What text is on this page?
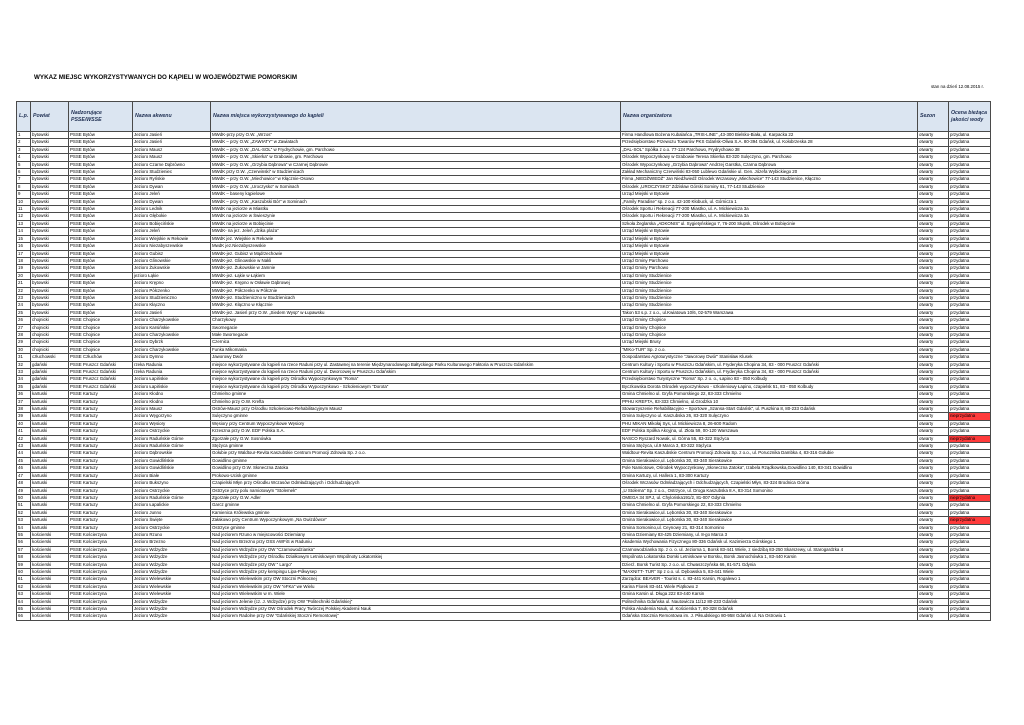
WYKAZ MIEJSC WYKORZYSTYWANYCH DO KĄPIELI W WOJEWÓDZTWIE POMORSKIM
stan na dzień 12.08.2015 r.
L.p.	Powiat	Nadzorujące PSSE/WSSE	Nazwa akwenu	Nazwa miejsca wykorzystywanego do kąpieli	Nazwa organizatora	Sezon	Ocena bieżąca jakości wody
1	bytowski	PSSE Bytów	Jezioro Jasień	MWdK-przy przy O.W. „Wrzos”	Firma Handlowa Bożena Kubalańca „TRIS-LINE” „43-300 Bielsko-Biała, ul. Karpacka 22	otwarty	przydatna
2	bytowski	PSSE Bytów	Jezioro Jasień	MWdK – przy O.W. „ZAWIATY” w Zawiatach	Przedsiębiorstwo Przewozu Towarów PKS Gdańsk-Oliwa S.A. 80-394 Gdańsk, ul. Kołobrzeska 28	otwarty	przydatna
3	bytowski	PSSE Bytów	Jezioro Mausz	MWdK – przy O.W. „DAL-SOL” w Frydrychowie, gm. Parchowo	„DAL-SOL” Spółka z o.o. 77-124 Parchowo, Frydrychowo 38	otwarty	przydatna
4	bytowski	PSSE Bytów	Jezioro Mausz	MWdK – przy O.W. „Skierka” w Grabowie, gm. Parchowo	Ośrodek Wypoczynkowy w Grabowie Teresa Skierka 83-320 Sulęczyno, gm. Parchowo	otwarty	przydatna
5	bytowski	PSSE Bytów	Jezioro Czarne Dąbrówno	MWdK – przy O.W. „Grzybia Dąbrowa” w Czarnej Dąbrowie	Ośrodek Wypoczynkowy „Grzybia Dąbrowa” Andrzej Garstka, Czarna Dąbrowa	otwarty	przydatna
6	bytowski	PSSE Bytów	Jezioro Studzieniec	MWdK przy O.W. „Czerwinski” w Studzienicach	Zakład Mechaniczny Czerwiński 83-050 Lublewo Gdańskie ul. Gen. Józefa Wybickiego 20	otwarty	przydatna
7	bytowski	PSSE Bytów	Jezioro Ryńskie	MWdK – przy O.W. „Miechowice” w Kłącznie-Osowo	Firma „NIEDŹWIEDŹ” Jan Niedźwiedź Ośrodek Wczasowy „Miechowice” 77-143 Studzienice, Kłączno	otwarty	przydatna
8	bytowski	PSSE Bytów	Jezioro Dywan	MWdK – przy O.W. „Uroczysko” w Sominach	Ośrodek „UROCZYSKO” Zdzisław Górski Sominy 61, 77-143 Studzienice	otwarty	przydatna
9	bytowski	PSSE Bytów	Jezioro Jeleń	MWdK – baseny kąpielowe	Urząd Miejski w Bytowie	otwarty	przydatna
10	bytowski	PSSE Bytów	Jezioro Dywan	MWdK – przy O.W. „Kaszubski Bór” w Sominach	„Family Paradise” sp. z o.o. 42-100 Kłobuck, ul. Górnicza 1	otwarty	przydatna
11	bytowski	PSSE Bytów	Jezioro Lednik	MWdK na jeziorze w Miastku	Ośrodek Sportu i Rekreacji 77-200 Miastko, ul. A. Mickiewicza 3a	otwarty	przydatna
12	bytowski	PSSE Bytów	Jezioro Głębokie	MWdK na jeziorze w Świeszynie	Ośrodek Sportu i Rekreacji 77-200 Miastko, ul. A. Mickiewicza 3a	otwarty	przydatna
13	bytowski	PSSE Bytów	Jezioro Bobięcińskie	MWdK na jeziorze w Bobięcinie	Szkoła Żeglarska „ADKONIS” ul. Sygietyńskiego 7, 76-200 Słupsk, Ośrodek w Bobięcinie	otwarty	przydatna
14	bytowski	PSSE Bytów	Jezioro Jeleń	MWdK- na jez. Jeleń „dzika plaża”	Urząd Miejski w Bytowie	otwarty	przydatna
15	bytowski	PSSE Bytów	Jezioro Wiejskie w Rekowie	MWdK jez. Wiejskie w Rekowie	Urząd Miejski w Bytowie	otwarty	przydatna
16	bytowski	PSSE Bytów	Jezioro Niezabyszewskie	MwdK jez.Niezabyszewskie	Urząd Miejski w Bytowie	otwarty	przydatna
17	bytowski	PSSE Bytów	Jezioro Gubisz	MWdK-jez. Gubisz w Mądrzechowie	Urząd Miejski w Bytowie	otwarty	przydatna
18	bytowski	PSSE Bytów	Jezioro Glinowskie	MWdK-jez. Glinowskie w Nakli	Urząd Gminy Parchowo	otwarty	przydatna
19	bytowski	PSSE Bytów	Jezioro Żukowskie	MWdK-jez. Żukowskie w Jamnie	Urząd Gminy Parchowo	otwarty	przydatna
20	bytowski	PSSE Bytów	jezioro Łąkie	MWdK-jez. Łąkie w Łąkiem	Urząd Gminy Studzienice	otwarty	przydatna
21	bytowski	PSSE Bytów	Jezioro Krępno	MWdK-jez. Krępno w Osławie Dąbrowej	Urząd Gminy Studzienice	otwarty	przydatna
22	bytowski	PSSE Bytów	Jezioro Półczenko	MWdK-jez. Półczenko w Półcznie	Urząd Gminy Studzienice	otwarty	przydatna
23	bytowski	PSSE Bytów	Jezioro Studzieniczno	MWdK-jez. Studzieniczno w Studzienicach	Urząd Gminy Studzienice	otwarty	przydatna
24	bytowski	PSSE Bytów	Jezioro Kłączno	MWdK-jez. Kłączno w Kłącznie	Urząd Gminy Studzienice	otwarty	przydatna
25	bytowski	PSSE Bytów	Jezioro Jasień	MWdK-jez. Jasień przy O.W. „Siedem Wysp” w Łupawsku	Takon 53 s.p. z o.o., ul.Kwiatowa 10/6, 02-579 Warszawa	otwarty	przydatna
26	chojnicki	PSSE Chojnice	Jezioro Charzykowskie	Charzykowy	Urząd Gminy Chojnice	otwarty	przydatna
27	chojnicki	PSSE Chojnice	Jezioro Karsińskie	Swornegacie	Urząd Gminy Chojnice	otwarty	przydatna
28	chojnicki	PSSE Chojnice	Jezioro Charzykowskie	Małe Swornegacie	Urząd Gminy Chojnice	otwarty	przydatna
29	chojnicki	PSSE Chojnice	Jezioro Dybrzk	Czernica	Urząd Miejski Brusy	otwarty	przydatna
30	chojnicki	PSSE Chojnice	Jezioro Charzykowskie	Funka Mikomania	"MIKo-TUR" Sp. z o.o.	otwarty	przydatna
31	człuchowski	PSSE Człuchów	Jezioro Dymno	Jaworowy Dwór	Gospodarstwo Agroturystyczne "Jaworowy Dwór" Stanisław Klusek	otwarty	przydatna
32	gdański	PSSE Pruszcz Gdański	rzeka Radunia	miejsce wykorzystywane do kąpieli na rzece Raduni przy ul. Zastawnej na terenie Międzynarodowego Bałtyckiego Parku Kulturowego Faktoria w Pruszczu Gdańskim	Centrum Kultury i Sportu w Pruszczu Gdańskim, ul. Fryderyka Chopina 34, 83 - 000 Pruszcz Gdański	otwarty	przydatna
33	gdański	PSSE Pruszcz Gdański	rzeka Radunia	miejsce wykorzystywane do kąpieli na rzece Raduni przy ul. Dworcowej w Pruszczu Gdańskim	Centrum Kultury i Sportu w Pruszczu Gdańskim, ul. Fryderyka Chopina 34, 83 - 000 Pruszcz Gdański	otwarty	przydatna
34	gdański	PSSE Pruszcz Gdański	Jezioro Łapińskie	miejsce wykorzystywane do kąpieli przy Ośrodku Wypoczynkowym "Roma"	Przedsiębiorstwo Turystyczne "Roma" Sp. z o. o., Łapino 83 - 050 Kolbudy	otwarty	przydatna
35	gdański	PSSE Pruszcz Gdański	Jezioro Łapińskie	miejsce wykorzystywane do kąpieli przy Ośrodku Wypoczynkowo - Szkoleniowym "Dorota"	Byczkowska Dorota Ośrodek wypoczynkowo - szkoleniowy Łapino, czapielsk 51, 83 - 050 Kolbudy	otwarty	przydatna
36	kartuski	PSSE Kartuzy	Jezioro Kłodno	Chmielno gminne	Gmina Chmielno ul. Gryfa Pomorskiego 22, 83-333 Chmielno	otwarty	przydatna
37	kartuski	PSSE Kartuzy	Jezioro Kłodno	Chmielno przy O.W. Krefta	PPHU KREFTA, 83-333 Chmielno, ul.Grodzka 10	otwarty	przydatna
38	kartuski	PSSE Kartuzy	Jezioro Mausz	Ostrów-Mausz przy Ośrodku Szkoleniowo-Rehabilitacyjnym Mausz	Stowarzyszenie Rehabilitacyjno – Sportowe „Szansa-Start Gdańsk”, ul. Puszkina 8, 80-233 Gdańsk	otwarty	przydatna
39	kartuski	PSSE Kartuzy	Jezioro Węgorzyno	Sulęczyno gminne	Gmina Sulęczyno ul. Kaszubska 26, 83-320 Sulęczyno	otwarty	nieprzydatna
40	kartuski	PSSE Kartuzy	Jezioro Węsiory	Węsiory przy Centrum Wypoczynkowe Węsiory	PHU MIKAN Mikołaj Sys, ul. Mickiewicza 8, 26-600 Radom	otwarty	przydatna
41	kartuski	PSSE Kartuzy	Jezioro Ostrzyckie	Krzeszna przy O.W. EDF Polska S.A.	EDF Polska Spółka Akcyjna, ul. Złota 59, 00-120 Warszawa	otwarty	przydatna
42	kartuski	PSSE Kartuzy	Jezioro Raduńskie Górne	Zgorzałe przy O.W. Sosnówka	NASCO Ryszard Nowak, ul. Górna 55, 83-322 Stężyca	otwarty	nieprzydatna
43	kartuski	PSSE Kartuzy	Jezioro Raduńskie Górne	Stężyca gminne	Gmina Stężyca, ul.9 Marca 3, 83-322 Stężyca	otwarty	przydatna
44	kartuski	PSSE Kartuzy	Jezioro Dąbrowskie	Gołubie przy Waldtour-Revita Kaszubskie Centrum Promocji Zdrowia Sp. z o.o.	Waldtour-Revita Kaszubskie Centrum Promocji Zdrowia Sp. z o.o., ul. Porucznika Dambka 4, 83-316 Gołubie	otwarty	przydatna
45	kartuski	PSSE Kartuzy	Jezioro Gowidlińskie	Gowidlino gminne	Gmina Sierakowice,ul. Lęborska 30, 83-340 Sierakowice	otwarty	przydatna
46	kartuski	PSSE Kartuzy	Jezioro Gowidlińskie	Gowidlino przy O.W. Słoneczna Zatoka	Pole Namiotowe, Ośrodek Wypoczynkowy „Słoneczna Zatoka”, Izabela Rządkowska,Gowidlino 140, 83-341 Gowidlino	otwarty	przydatna
47	kartuski	PSSE Kartuzy	Jezioro Białe	Prokowo-Ucisk gminne	Gmina Kartuzy, ul. Hallera 1, 83-300 Kartuzy	otwarty	przydatna
48	kartuski	PSSE Kartuzy	Jezioro Bukszyno	Czapielski Młyn przy Ośrodku Wczasów Odmładzających i Odchudzających	Ośrodek Wczasów Odmładzających i Odchudzających, Czapielski Młyn, 83-324 Brodnica Górna	otwarty	przydatna
49	kartuski	PSSE Kartuzy	Jezioro Ostrzyckie	Ostrzyce przy polu namiotowym "Stolemek"	„U Stolema” Sp. z o.o., Ostrzyce, ul. Droga Kaszubska 8 A, 83-314 Somonino	otwarty	przydatna
50	kartuski	PSSE Kartuzy	Jezioro Raduńskie Górne	Zgorzałe przy O.W. Adler	OMEGA 34 SP.J, ul. Chyloriska191/2, 81-007 Gdynia	otwarty	nieprzydatna
51	kartuski	PSSE Kartuzy	Jezioro Łapalickie	Garcz gminne	Gmina Chmielno ul. Gryfa Pomorskiego 22, 83-333 Chmielno	otwarty	przydatna
52	kartuski	PSSE Kartuzy	Jezioro Junno	Kamienica Królewska gminne	Gmina Sierakowice,ul. Lęborska 30, 83-340 Sierakowice	otwarty	przydatna
53	kartuski	PSSE Kartuzy	Jezioro Święte	Załakowo przy Centrum Wypoczynkowym „Na Gwizdówce”	Gmina Sierakowice,ul. Lęborska 30, 83-340 Sierakowice	otwarty	nieprzydatna
54	kartuski	PSSE Kartuzy	Jezioro Ostrzyckie	Ostrzyce gminne	Gmina Somonino,ul. Ceynowy 21, 83-314 Somonino	otwarty	przydatna
55	kościerski	PSSE Kościerzyna	Jezioro Rzuno	Nad jeziorem Rzuno w miejscowości Dziemiany	Gmina Dziemiany 83-425 Dziemiany, ul. 8-go Marca 3	otwarty	przydatna
56	kościerski	PSSE Kościerzyna	Jezioro Brzezno	Nad jeziorem Brzezno przy OSS AWFiS w Raduniu	Akademia Wychowania Fizycznego 80-336 Gdańsk ul. Kazimierza Górskiego 1	otwarty	przydatna
57	kościerski	PSSE Kościerzyna	Jezioro Wdzydze	Nad jeziorem Wdzydze przy OW "Czarnowodzianka"	Czarnowodzianka Sp. z o. o. ul. Jeziorna 1, Borsk 83-441 Wiele, z siedzibą 83-250 Skarszewy, ul. Starogardzka 4	otwarty	przydatna
58	kościerski	PSSE Kościerzyna	Jezioro Wdzydze	Nad jeziorem Wdzydze przy Ośrodku Działkowym Letniskowym Wspólnoty Lokatorskiej	Wspólnota Lokatorska Domki Letniskowe w Borsku, Borsk Jasnochówka 1, 83-440 Karsin	otwarty	przydatna
59	kościerski	PSSE Kościerzyna	Jezioro Wdzydze	Nad jeziorem Wdzydze przy OW " Largo"	Dzierż. Borsk Turist Sp. z o.o. ul. Chwaszczyńska 66, 81-571 Gdynia	otwarty	przydatna
60	kościerski	PSSE Kościerzyna	Jezioro Wdzydze	Nad jeziorem Wdzydze przy kempingu Lipa-Półwysep	"MAXNITT- TUR" Sp z o.o. ul. Dębowska 5, 83-441 Wiele	otwarty	przydatna
61	kościerski	PSSE Kościerzyna	Jezioro Wielewskie	Nad jeziorem Wielewskim przy OW Stoczni Północnej	Zarządca: BEAVER - Tourist s. c. 83-441 Karsin, Rogalewo 1	otwarty	przydatna
62	kościerski	PSSE Kościerzyna	Jezioro Wielewskie	Nad jeziorem Wielewskim przy OW "eFKa" we Wielu	Karina Florek 83-441 Wiele Piątkowo 2	otwarty	przydatna
63	kościerski	PSSE Kościerzyna	Jezioro Wielewskie	Nad jeziorem Wielewskim w m. Wiele	Gmina Karsin ul. Długa 222 83-440 Karsin	otwarty	przydatna
64	kościerski	PSSE Kościerzyna	Jezioro Wdzydze	Nad jeziorem Jelenie (cz. J. Wdzydze) przy OW "Politechniki Gdańskiej"	Politechnika Gdańska ul. Nautowicza 11/12 80-233 Gdańsk	otwarty	przydatna
65	kościerski	PSSE Kościerzyna	Jezioro Wdzydze	Nad jeziorem Wdzydze przy OW Ośrodek Pracy Twórczej Polskiej Akademii Nauk	Polska Akademia Nauk, ul. Kościerska 7, 80-328 Gdańsk	otwarty	przydatna
66	kościerski	PSSE Kościerzyna	Jezioro Wdzydze	Nad jeziorem Radolne przy OW "Gdańskiej Stoczni Remontowej"	Gdańska Stocznia Remontowa im. J. Piłsudskiego 80-958 Gdańsk ul. Na Ostrowiu 1	otwarty	przydatna
